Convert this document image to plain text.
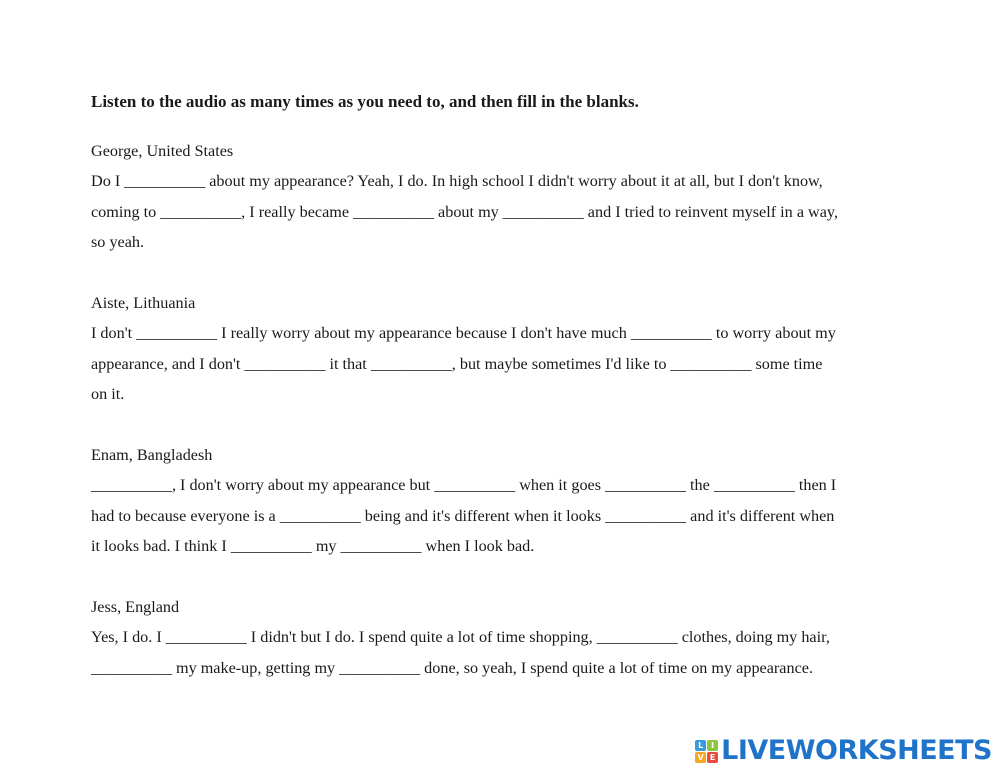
Listen to the audio as many times as you need to, and then fill in the blanks.
George, United States
Do I __________ about my appearance? Yeah, I do. In high school I didn't worry about it at all, but I don't know,
coming to __________, I really became __________ about my __________ and I tried to reinvent myself in a way,
so yeah.
Aiste, Lithuania
I don't __________ I really worry about my appearance because I don't have much __________ to worry about my
appearance, and I don't __________ it that __________, but maybe sometimes I'd like to __________ some time
on it.
Enam, Bangladesh
__________, I don't worry about my appearance but __________ when it goes __________ the __________ then I
had to because everyone is a __________ being and it's different when it looks __________ and it's different when
it looks bad. I think I __________ my __________ when I look bad.
Jess, England
Yes, I do. I __________ I didn't but I do. I spend quite a lot of time shopping, __________ clothes, doing my hair,
__________ my make-up, getting my __________ done, so yeah, I spend quite a lot of time on my appearance.
L I
V E LIVEWORKSHEETS
